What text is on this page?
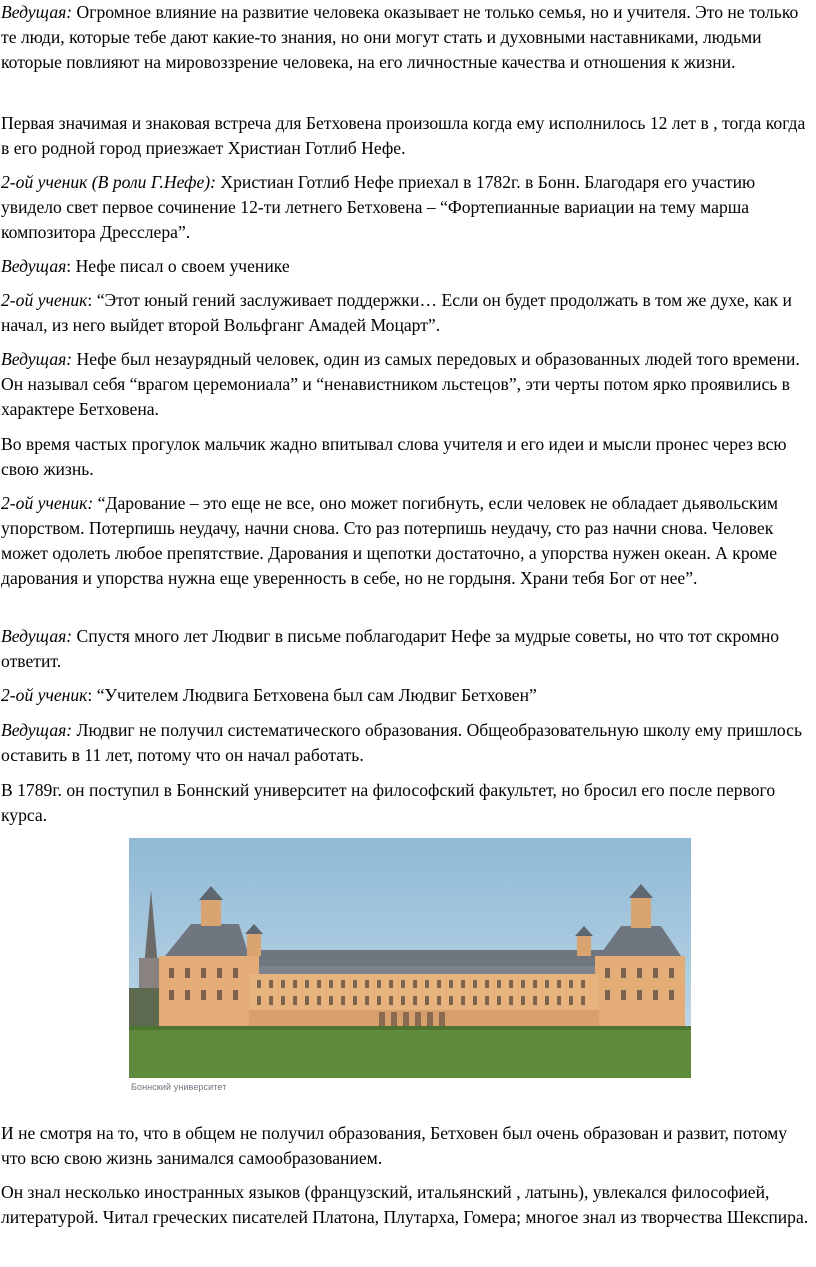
Ведущая: Огромное влияние на развитие человека оказывает не только семья, но и учителя. Это не только те люди, которые тебе дают какие-то знания, но они могут стать и духовными наставниками, людьми которые повлияют на мировоззрение человека, на его личностные качества и отношения к жизни.

Первая значимая и знаковая встреча для Бетховена произошла когда ему исполнилось 12 лет в , тогда когда в его родной город приезжает Христиан Готлиб Нефе.

2-ой ученик (В роли Г.Нефе): Христиан Готлиб Нефе приехал в 1782г. в Бонн. Благодаря его участию увидело свет первое сочинение 12-ти летнего Бетховена – “Фортепианные вариации на тему марша композитора Дресслера”.

Ведущая: Нефе писал о своем ученике

2-ой ученик: “Этот юный гений заслуживает поддержки… Если он будет продолжать в том же духе, как и начал, из него выйдет второй Вольфганг Амадей Моцарт”.

Ведущая: Нефе был незаурядный человек, один из самых передовых и образованных людей того времени. Он называл себя “врагом церемониала” и “ненавистником льстецов”, эти черты потом ярко проявились в характере Бетховена.

Во время частых прогулок мальчик жадно впитывал слова учителя и его идеи и мысли пронес через всю свою жизнь.

2-ой ученик: “Дарование – это еще не все, оно может погибнуть, если человек не обладает дьявольским упорством. Потерпишь неудачу, начни снова. Сто раз потерпишь неудачу, сто раз начни снова. Человек может одолеть любое препятствие. Дарования и щепотки достаточно, а упорства нужен океан. А кроме дарования и упорства нужна еще уверенность в себе, но не гордыня. Храни тебя Бог от нее”.

Ведущая: Спустя много лет Людвиг в письме поблагодарит Нефе за мудрые советы, но что тот скромно ответит.

2-ой ученик: “Учителем Людвига Бетховена был сам Людвиг Бетховен”

Ведущая: Людвиг не получил систематического образования. Общеобразовательную школу ему пришлось оставить в 11 лет, потому что он начал работать.

В 1789г. он поступил в Боннский университет на философский факультет, но бросил его после первого курса.

Боннский университет

И не смотря на то, что в общем не получил образования, Бетховен был очень образован и развит, потому что всю свою жизнь занимался самообразованием.

Он знал несколько иностранных языков (французский, итальянский , латынь), увлекался философией, литературой. Читал греческих писателей Платона, Плутарха, Гомера; многое знал из творчества Шекспира.
